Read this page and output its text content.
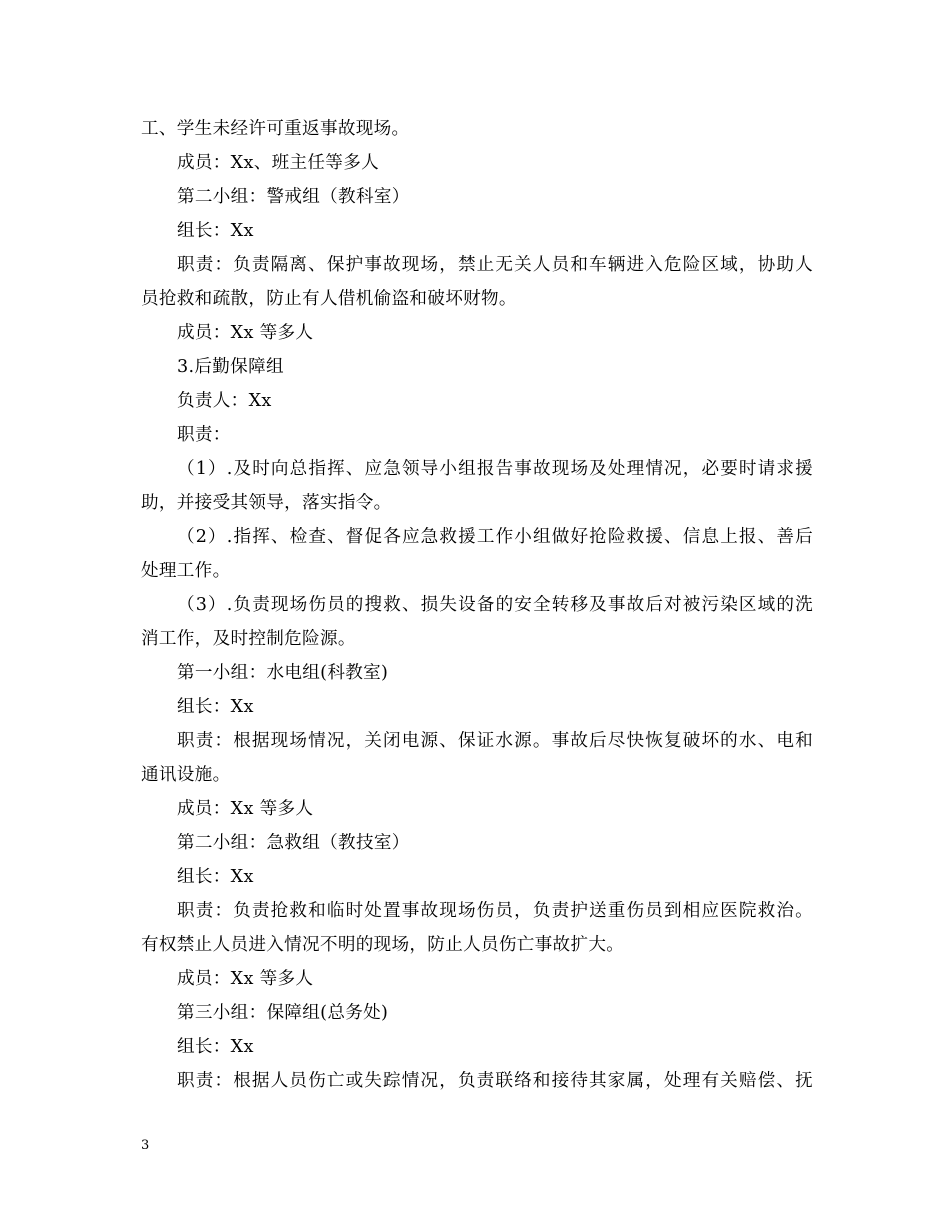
工、学生未经许可重返事故现场。
成员：Xx、班主任等多人
第二小组：警戒组（教科室）
组长：Xx
职责：负责隔离、保护事故现场，禁止无关人员和车辆进入危险区域，协助人
员抢救和疏散，防止有人借机偷盗和破坏财物。
成员：Xx 等多人
3.后勤保障组
负责人：Xx
职责：
（1）.及时向总指挥、应急领导小组报告事故现场及处理情况，必要时请求援
助，并接受其领导，落实指令。
（2）.指挥、检查、督促各应急救援工作小组做好抢险救援、信息上报、善后
处理工作。
（3）.负责现场伤员的搜救、损失设备的安全转移及事故后对被污染区域的洗
消工作，及时控制危险源。
第一小组：水电组(科教室)
组长：Xx
职责：根据现场情况，关闭电源、保证水源。事故后尽快恢复破坏的水、电和
通讯设施。
成员：Xx 等多人
第二小组：急救组（教技室）
组长：Xx
职责：负责抢救和临时处置事故现场伤员，负责护送重伤员到相应医院救治。
有权禁止人员进入情况不明的现场，防止人员伤亡事故扩大。
成员：Xx 等多人
第三小组：保障组(总务处)
组长：Xx
职责：根据人员伤亡或失踪情况，负责联络和接待其家属，处理有关赔偿、抚
3
